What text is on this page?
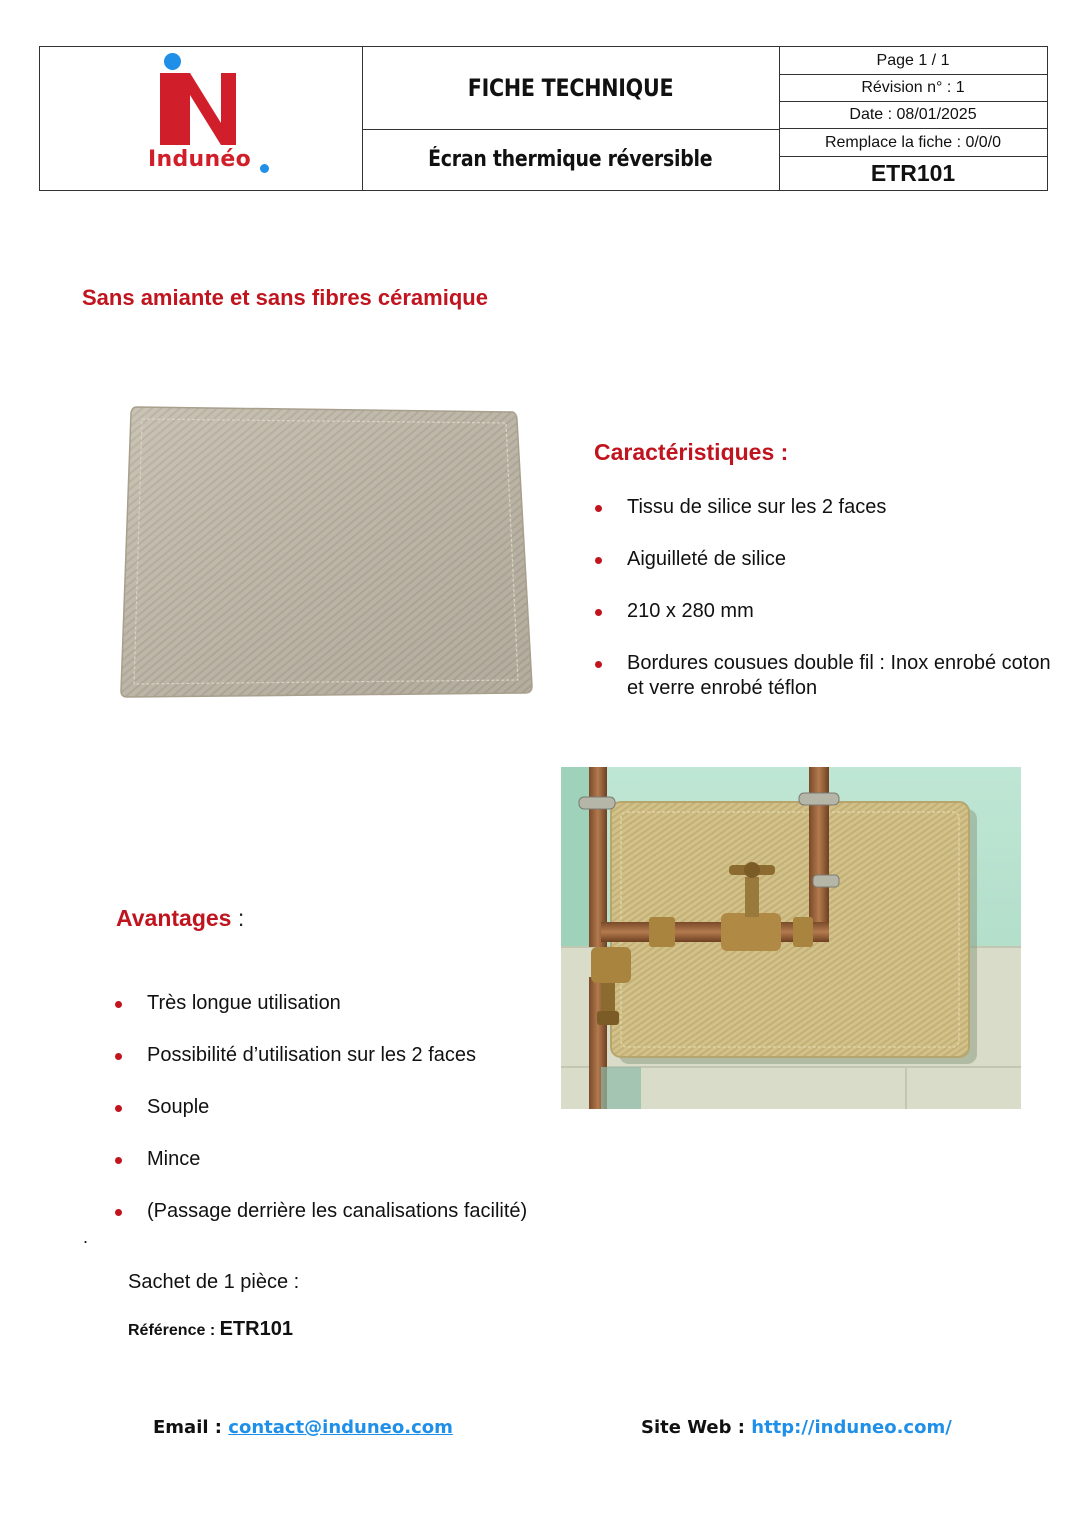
Induné​o
FICHE TECHNIQUE
Écran thermique réversible
Page 1 / 1
Révision n° : 1
Date : 08/01/2025
Remplace la fiche : 0/0/0
ETR101
Sans amiante et sans fibres céramique
Caractéristiques :
Tissu de silice sur les 2 faces
Aiguilleté de silice
210 x 280 mm
Bordures cousues double fil : Inox enrobé coton et verre enrobé téflon
Avantages :
Très longue utilisation
Possibilité d’utilisation sur les 2 faces
Souple
Mince
(Passage derrière les canalisations facilité)
.
Sachet de 1 pièce :
Référence : ETR101
Email : contact@induneo.com	Site Web : http://induneo.com/
